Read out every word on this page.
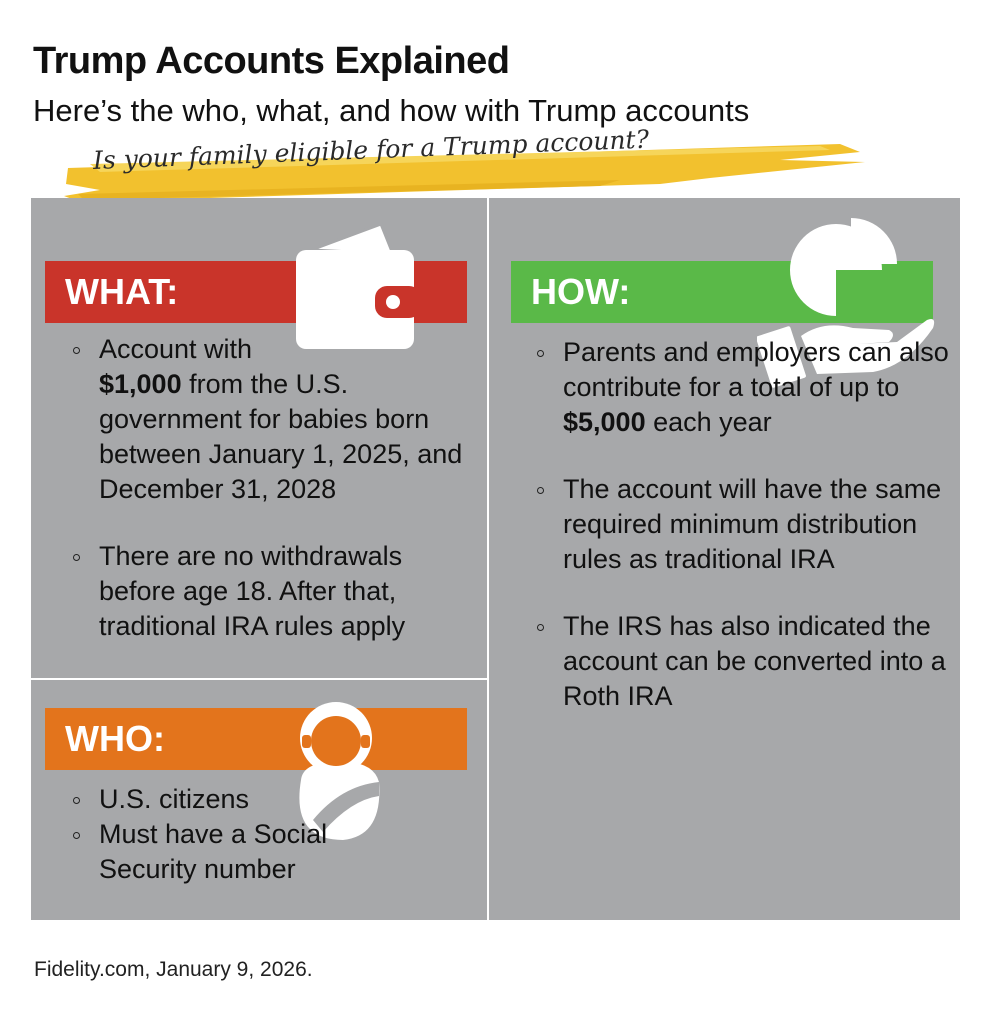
Trump Accounts Explained
Here’s the who, what, and how with Trump accounts
Is your family eligible for a Trump account?
WHAT:
Account with
$1,000 from the U.S. government for babies born between January 1, 2025, and December 31, 2028
There are no withdrawals before age 18. After that, traditional IRA rules apply
WHO:
U.S. citizens
Must have a Social Security number
HOW:
Parents and employers can also contribute for a total of up to $5,000 each year
The account will have the same required minimum distribution rules as traditional IRA
The IRS has also indicated the account can be converted into a Roth IRA
Fidelity.com, January 9, 2026.
